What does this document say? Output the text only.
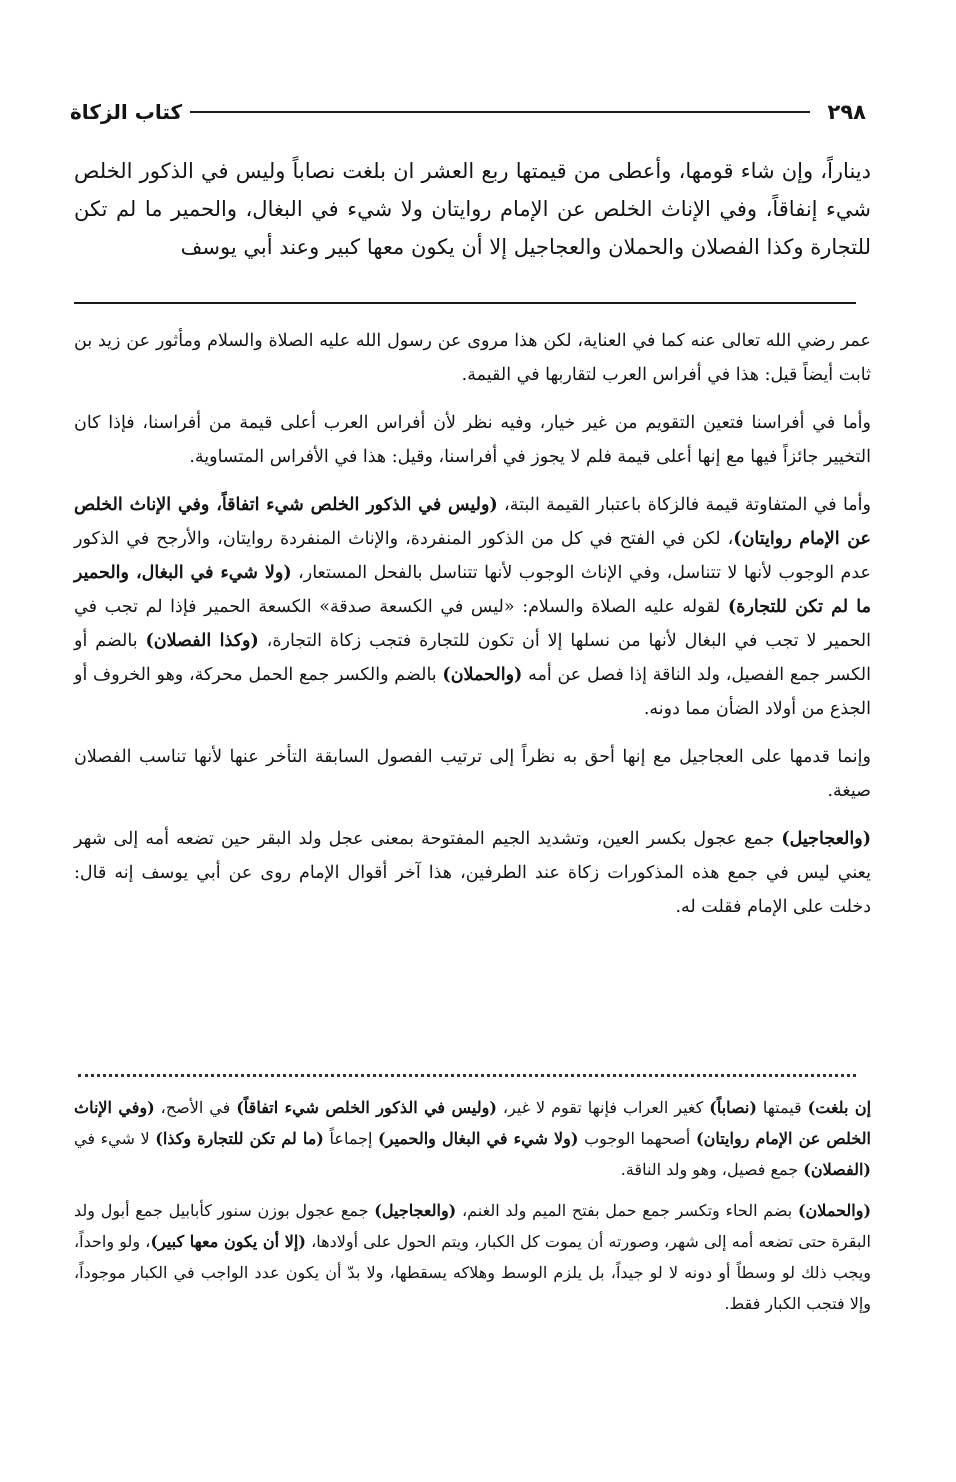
٢٩٨
كتاب الزكاة

ديناراً، وإن شاء قومها، وأعطى من قيمتها ربع العشر ان بلغت نصاباً وليس في الذكور الخلص شيء إنفاقاً، وفي الإناث الخلص عن الإمام روايتان ولا شيء في البغال، والحمير ما لم تكن للتجارة وكذا الفصلان والحملان والعجاجيل إلا أن يكون معها كبير وعند أبي يوسف

عمر رضي الله تعالى عنه كما في العناية، لكن هذا مروى عن رسول الله عليه الصلاة والسلام ومأثور عن زيد بن ثابت أيضاً قيل: هذا في أفراس العرب لتقاربها في القيمة.

وأما في أفراسنا فتعين التقويم من غير خيار، وفيه نظر لأن أفراس العرب أعلى قيمة من أفراسنا، فإذا كان التخيير جائزاً فيها مع إنها أعلى قيمة فلم لا يجوز في أفراسنا، وقيل: هذا في الأفراس المتساوية.

وأما في المتفاوتة قيمة فالزكاة باعتبار القيمة البتة، (وليس في الذكور الخلص شيء اتفاقاً، وفي الإناث الخلص عن الإمام روايتان)، لكن في الفتح في كل من الذكور المنفردة، والإناث المنفردة روايتان، والأرجح في الذكور عدم الوجوب لأنها لا تتناسل، وفي الإناث الوجوب لأنها تتناسل بالفحل المستعار، (ولا شيء في البغال، والحمير ما لم تكن للتجارة) لقوله عليه الصلاة والسلام: «ليس في الكسعة صدقة» الكسعة الحمير فإذا لم تجب في الحمير لا تجب في البغال لأنها من نسلها إلا أن تكون للتجارة فتجب زكاة التجارة، (وكذا الفصلان) بالضم أو الكسر جمع الفصيل، ولد الناقة إذا فصل عن أمه (والحملان) بالضم والكسر جمع الحمل محركة، وهو الخروف أو الجذع من أولاد الضأن مما دونه.

وإنما قدمها على العجاجيل مع إنها أحق به نظراً إلى ترتيب الفصول السابقة التأخر عنها لأنها تناسب الفصلان صيغة.

(والعجاجيل) جمع عجول بكسر العين، وتشديد الجيم المفتوحة بمعنى عجل ولد البقر حين تضعه أمه إلى شهر يعني ليس في جمع هذه المذكورات زكاة عند الطرفين، هذا آخر أقوال الإمام روى عن أبي يوسف إنه قال: دخلت على الإمام فقلت له.

إن بلغت) قيمتها (نصاباً) كغير العراب فإنها تقوم لا غير، (وليس في الذكور الخلص شيء اتفاقاً) في الأصح، (وفي الإناث الخلص عن الإمام روايتان) أصحهما الوجوب (ولا شيء في البغال والحمير) إجماعاً (ما لم تكن للتجارة وكذا) لا شيء في (الفصلان) جمع فصيل، وهو ولد الناقة.

(والحملان) بضم الحاء وتكسر جمع حمل بفتح الميم ولد الغنم، (والعجاجيل) جمع عجول بوزن سنور كأبابيل جمع أبول ولد البقرة حتى تضعه أمه إلى شهر، وصورته أن يموت كل الكبار، ويتم الحول على أولادها، (إلا أن يكون معها كبير)، ولو واحداً، ويجب ذلك لو وسطاً أو دونه لا لو جيداً، بل يلزم الوسط وهلاكه يسقطها، ولا بدّ أن يكون عدد الواجب في الكبار موجوداً، وإلا فتجب الكبار فقط.
